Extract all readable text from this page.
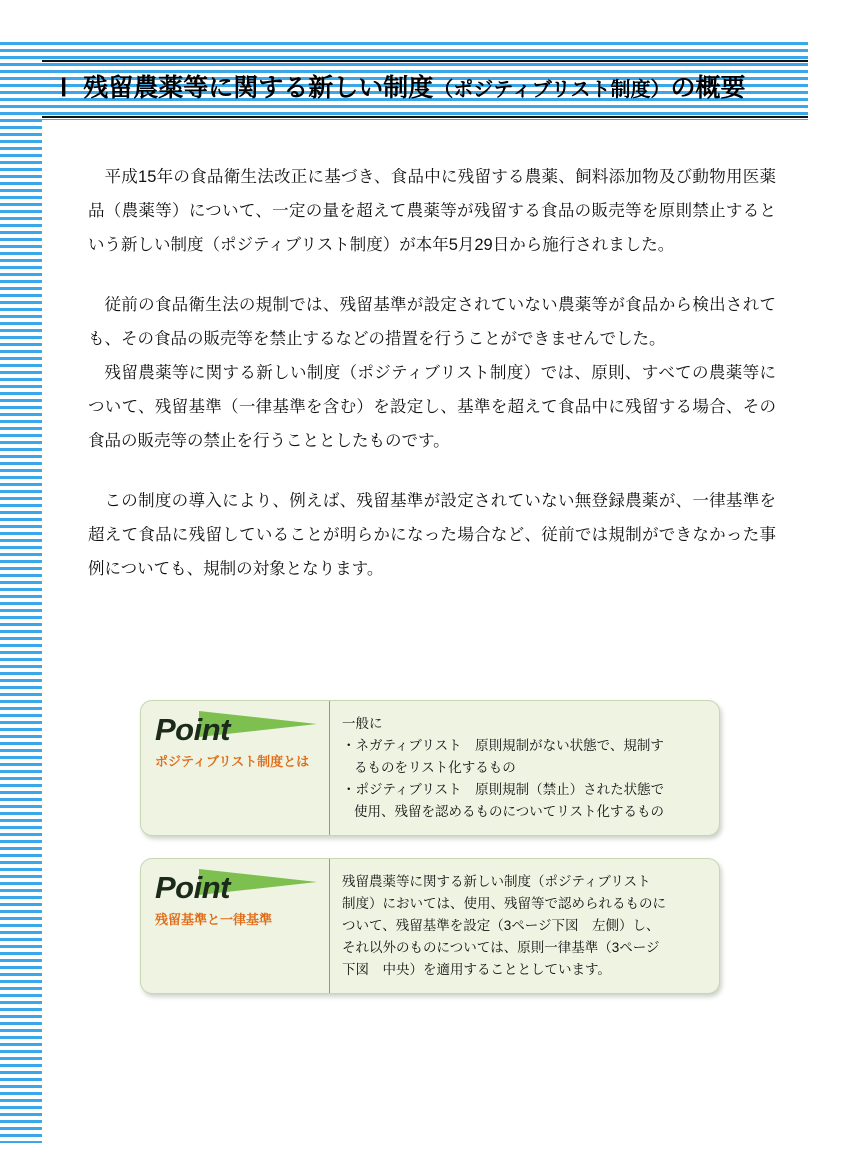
Ⅰ 残留農薬等に関する新しい制度（ポジティブリスト制度）の概要

平成15年の食品衛生法改正に基づき、食品中に残留する農薬、飼料添加物及び動物用医薬品（農薬等）について、一定の量を超えて農薬等が残留する食品の販売等を原則禁止するという新しい制度（ポジティブリスト制度）が本年5月29日から施行されました。

従前の食品衛生法の規制では、残留基準が設定されていない農薬等が食品から検出されても、その食品の販売等を禁止するなどの措置を行うことができませんでした。

残留農薬等に関する新しい制度（ポジティブリスト制度）では、原則、すべての農薬等について、残留基準（一律基準を含む）を設定し、基準を超えて食品中に残留する場合、その食品の販売等の禁止を行うこととしたものです。

この制度の導入により、例えば、残留基準が設定されていない無登録農薬が、一律基準を超えて食品に残留していることが明らかになった場合など、従前では規制ができなかった事例についても、規制の対象となります。

Point
ポジティブリスト制度とは
一般に
・ネガティブリスト　原則規制がない状態で、規制す
るものをリスト化するもの
・ポジティブリスト　原則規制（禁止）された状態で
使用、残留を認めるものについてリスト化するもの
Point
残留基準と一律基準
残留農薬等に関する新しい制度（ポジティブリスト
制度）においては、使用、残留等で認められるものに
ついて、残留基準を設定（3ページ下図　左側）し、
それ以外のものについては、原則一律基準（3ページ
下図　中央）を適用することとしています。
